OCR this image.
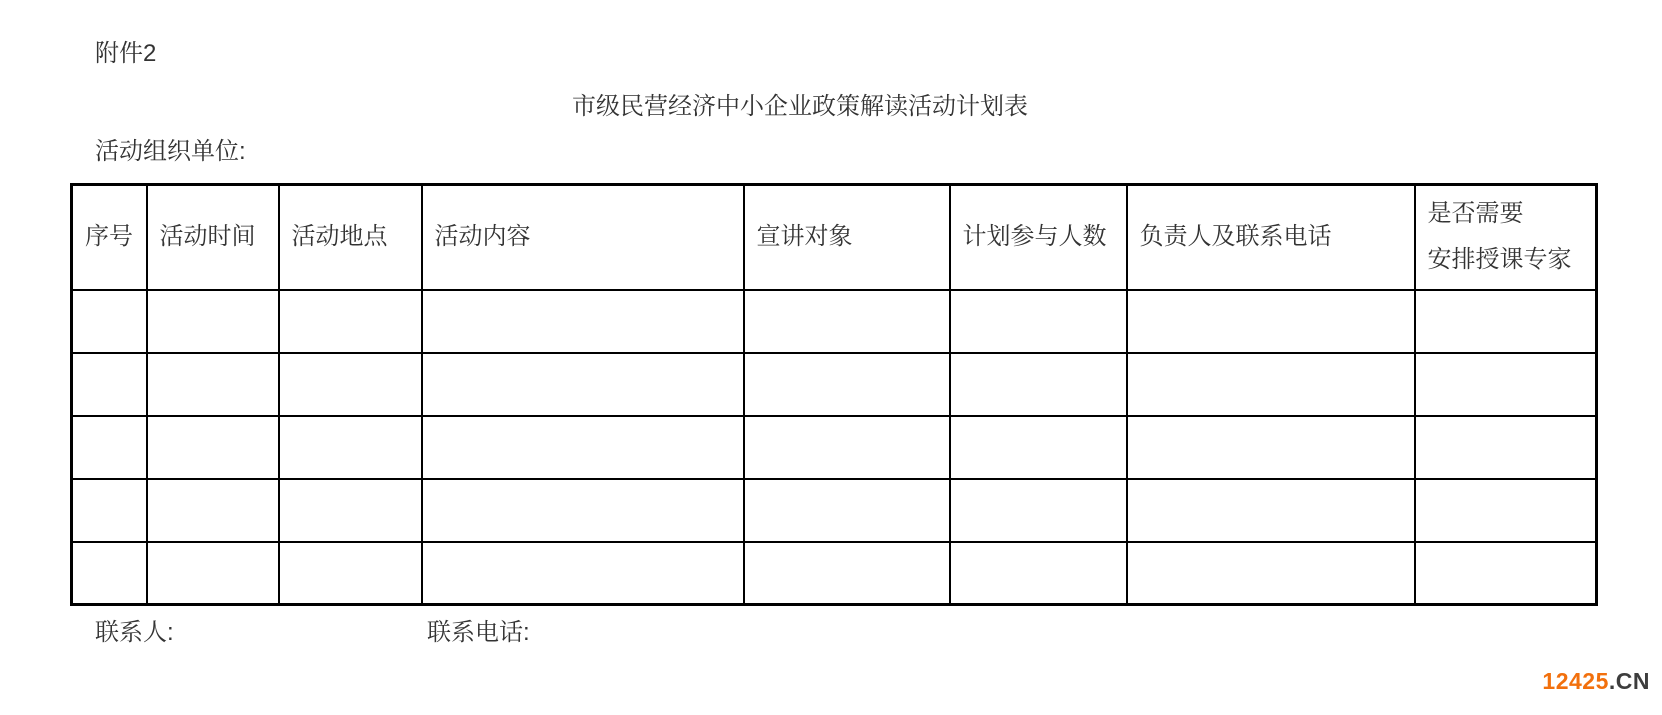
附件2
市级民营经济中小企业政策解读活动计划表
活动组织单位:
序号	活动时间	活动地点	活动内容	宣讲对象	计划参与人数	负责人及联系电话	是否需要
安排授课专家

联系人:	联系电话:
12425.CN
